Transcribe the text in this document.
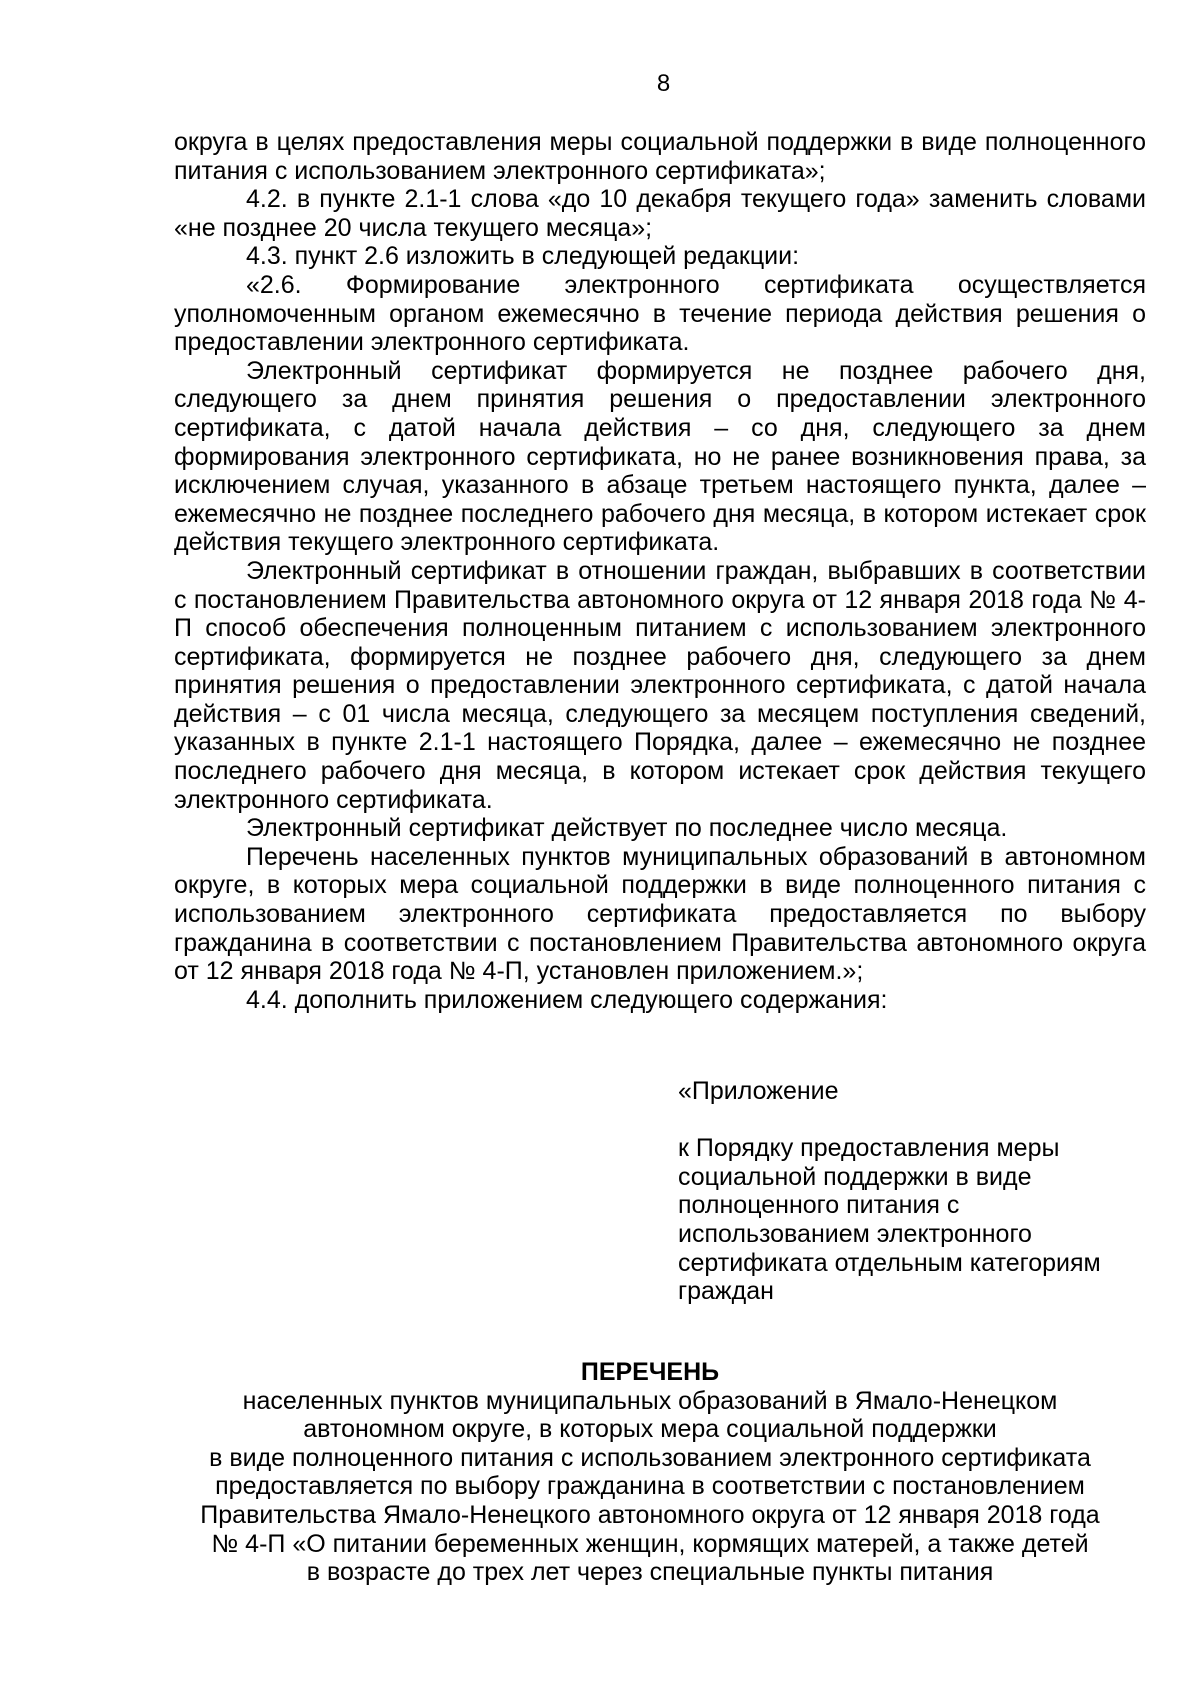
8

округа в целях предоставления меры социальной поддержки в виде полноценного питания с использованием электронного сертификата»;

4.2. в пункте 2.1-1 слова «до 10 декабря текущего года» заменить словами «не позднее 20 числа текущего месяца»;

4.3. пункт 2.6 изложить в следующей редакции:

«2.6. Формирование электронного сертификата осуществляется уполномоченным органом ежемесячно в течение периода действия решения о предоставлении электронного сертификата.

Электронный сертификат формируется не позднее рабочего дня, следующего за днем принятия решения о предоставлении электронного сертификата, с датой начала действия – со дня, следующего за днем формирования электронного сертификата, но не ранее возникновения права, за исключением случая, указанного в абзаце третьем настоящего пункта, далее – ежемесячно не позднее последнего рабочего дня месяца, в котором истекает срок действия текущего электронного сертификата.

Электронный сертификат в отношении граждан, выбравших в соответствии с постановлением Правительства автономного округа от 12 января 2018 года № 4-П способ обеспечения полноценным питанием с использованием электронного сертификата, формируется не позднее рабочего дня, следующего за днем принятия решения о предоставлении электронного сертификата, с датой начала действия – с 01 числа месяца, следующего за месяцем поступления сведений, указанных в пункте 2.1-1 настоящего Порядка, далее – ежемесячно не позднее последнего рабочего дня месяца, в котором истекает срок действия текущего электронного сертификата.

Электронный сертификат действует по последнее число месяца.

Перечень населенных пунктов муниципальных образований в автономном округе, в которых мера социальной поддержки в виде полноценного питания с использованием электронного сертификата предоставляется по выбору гражданина в соответствии с постановлением Правительства автономного округа от 12 января 2018 года № 4-П, установлен приложением.»;

4.4. дополнить приложением следующего содержания:

«Приложение

к Порядку предоставления меры социальной поддержки в виде полноценного питания с использованием электронного сертификата отдельным категориям граждан

ПЕРЕЧЕНЬ

населенных пунктов муниципальных образований в Ямало-Ненецком

автономном округе, в которых мера социальной поддержки

в виде полноценного питания с использованием электронного сертификата

предоставляется по выбору гражданина в соответствии с постановлением

Правительства Ямало-Ненецкого автономного округа от 12 января 2018 года

№ 4-П «О питании беременных женщин, кормящих матерей, а также детей

в возрасте до трех лет через специальные пункты питания
